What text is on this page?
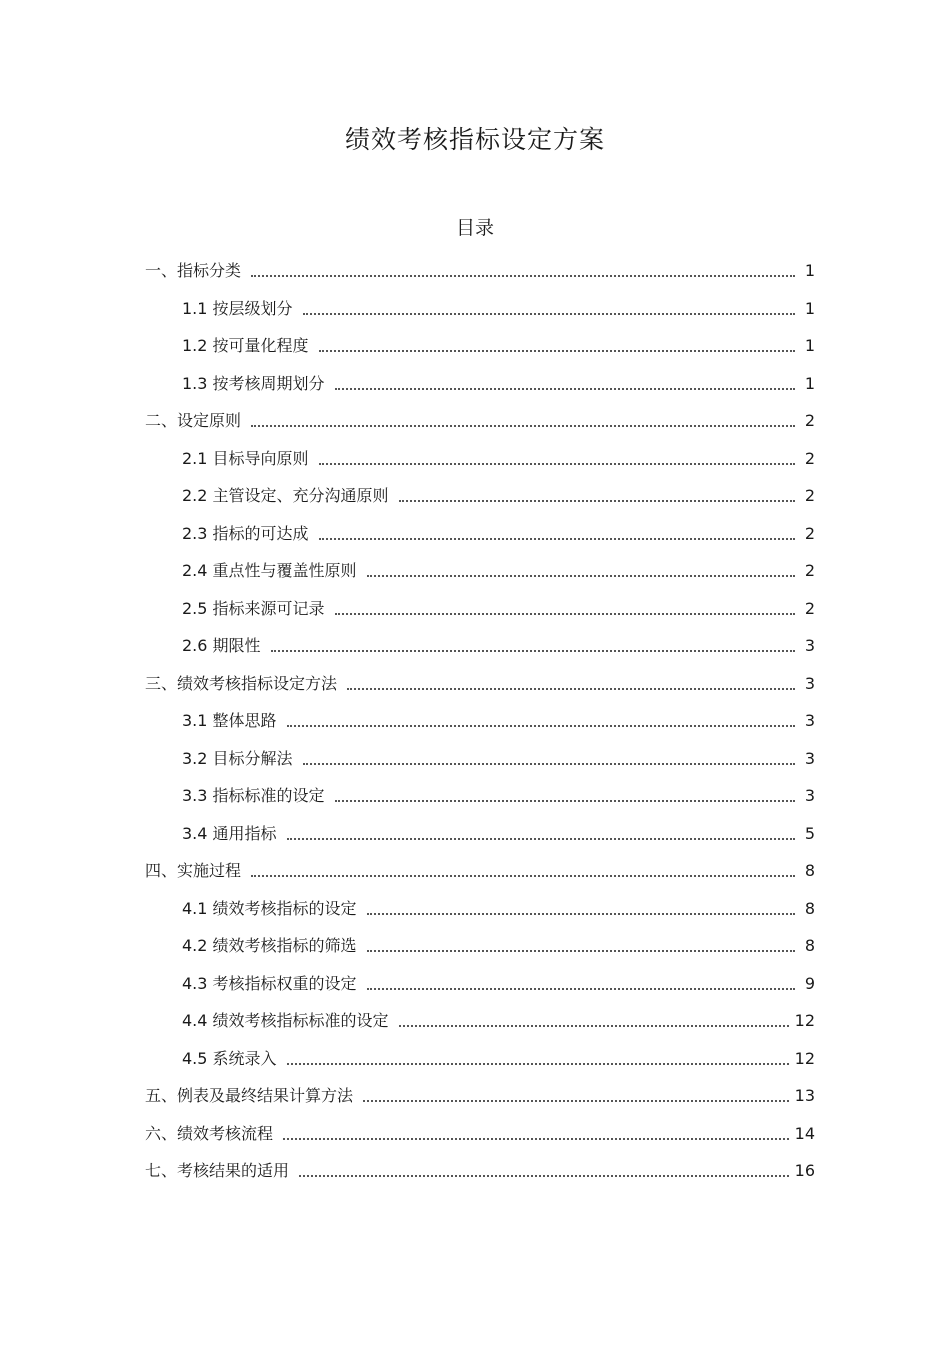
绩效考核指标设定方案
目录
一、指标分类	1
1.1 按层级划分	1
1.2 按可量化程度	1
1.3 按考核周期划分	1
二、设定原则	2
2.1 目标导向原则	2
2.2 主管设定、充分沟通原则	2
2.3 指标的可达成	2
2.4 重点性与覆盖性原则	2
2.5 指标来源可记录	2
2.6 期限性	3
三、绩效考核指标设定方法	3
3.1 整体思路	3
3.2 目标分解法	3
3.3 指标标准的设定	3
3.4 通用指标	5
四、实施过程	8
4.1 绩效考核指标的设定	8
4.2 绩效考核指标的筛选	8
4.3 考核指标权重的设定	9
4.4 绩效考核指标标准的设定	12
4.5 系统录入	12
五、例表及最终结果计算方法	13
六、绩效考核流程	14
七、考核结果的适用	16
